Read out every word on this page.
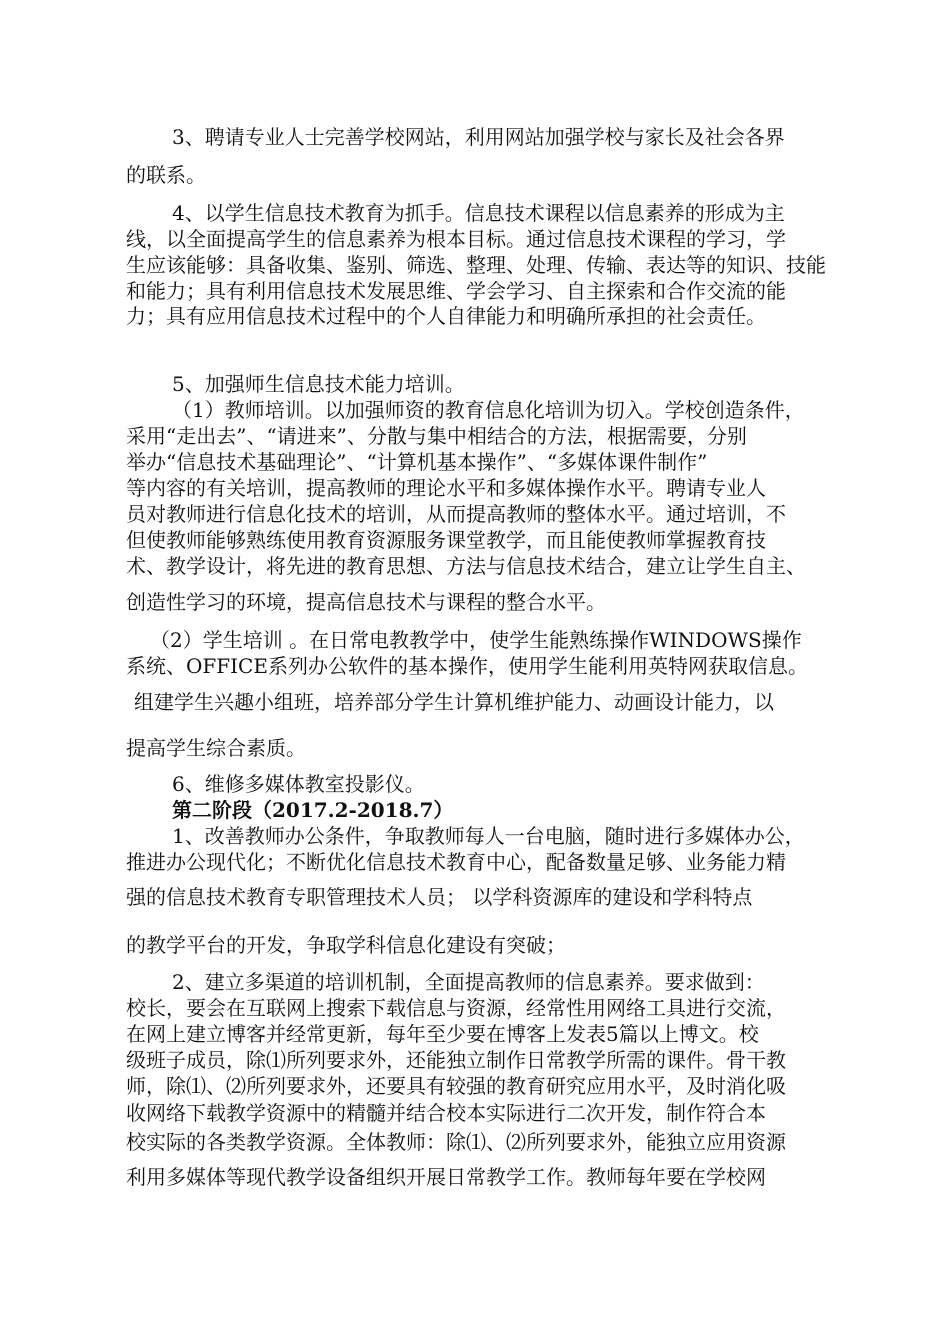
3、聘请专业人士完善学校网站，利用网站加强学校与家长及社会各界
的联系。
4、以学生信息技术教育为抓手。信息技术课程以信息素养的形成为主
线，以全面提高学生的信息素养为根本目标。通过信息技术课程的学习，学
生应该能够：具备收集、鉴别、筛选、整理、处理、传输、表达等的知识、技能
和能力；具有利用信息技术发展思维、学会学习、自主探索和合作交流的能
力；具有应用信息技术过程中的个人自律能力和明确所承担的社会责任。
5、加强师生信息技术能力培训。
（1）教师培训。以加强师资的教育信息化培训为切入。学校创造条件，
采用“走出去”、“请进来”、分散与集中相结合的方法，根据需要，分别
举办“信息技术基础理论”、“计算机基本操作”、“多媒体课件制作”
等内容的有关培训，提高教师的理论水平和多媒体操作水平。聘请专业人
员对教师进行信息化技术的培训，从而提高教师的整体水平。通过培训，不
但使教师能够熟练使用教育资源服务课堂教学，而且能使教师掌握教育技
术、教学设计，将先进的教育思想、方法与信息技术结合，建立让学生自主、
创造性学习的环境，提高信息技术与课程的整合水平。
（2）学生培训 。在日常电教教学中，使学生能熟练操作WINDOWS操作
系统、OFFICE系列办公软件的基本操作，使用学生能利用英特网获取信息。
组建学生兴趣小组班，培养部分学生计算机维护能力、动画设计能力，以
提高学生综合素质。
6、维修多媒体教室投影仪。
第二阶段（2017.2-2018.7）
1、改善教师办公条件，争取教师每人一台电脑，随时进行多媒体办公，
推进办公现代化；不断优化信息技术教育中心，配备数量足够、业务能力精
强的信息技术教育专职管理技术人员； 以学科资源库的建设和学科特点
的教学平台的开发，争取学科信息化建设有突破；
2、建立多渠道的培训机制，全面提高教师的信息素养。要求做到：
校长，要会在互联网上搜索下载信息与资源，经常性用网络工具进行交流，
在网上建立博客并经常更新，每年至少要在博客上发表5篇以上博文。校
级班子成员，除⑴所列要求外，还能独立制作日常教学所需的课件。骨干教
师，除⑴、⑵所列要求外，还要具有较强的教育研究应用水平，及时消化吸
收网络下载教学资源中的精髓并结合校本实际进行二次开发，制作符合本
校实际的各类教学资源。全体教师：除⑴、⑵所列要求外，能独立应用资源
利用多媒体等现代教学设备组织开展日常教学工作。教师每年要在学校网
